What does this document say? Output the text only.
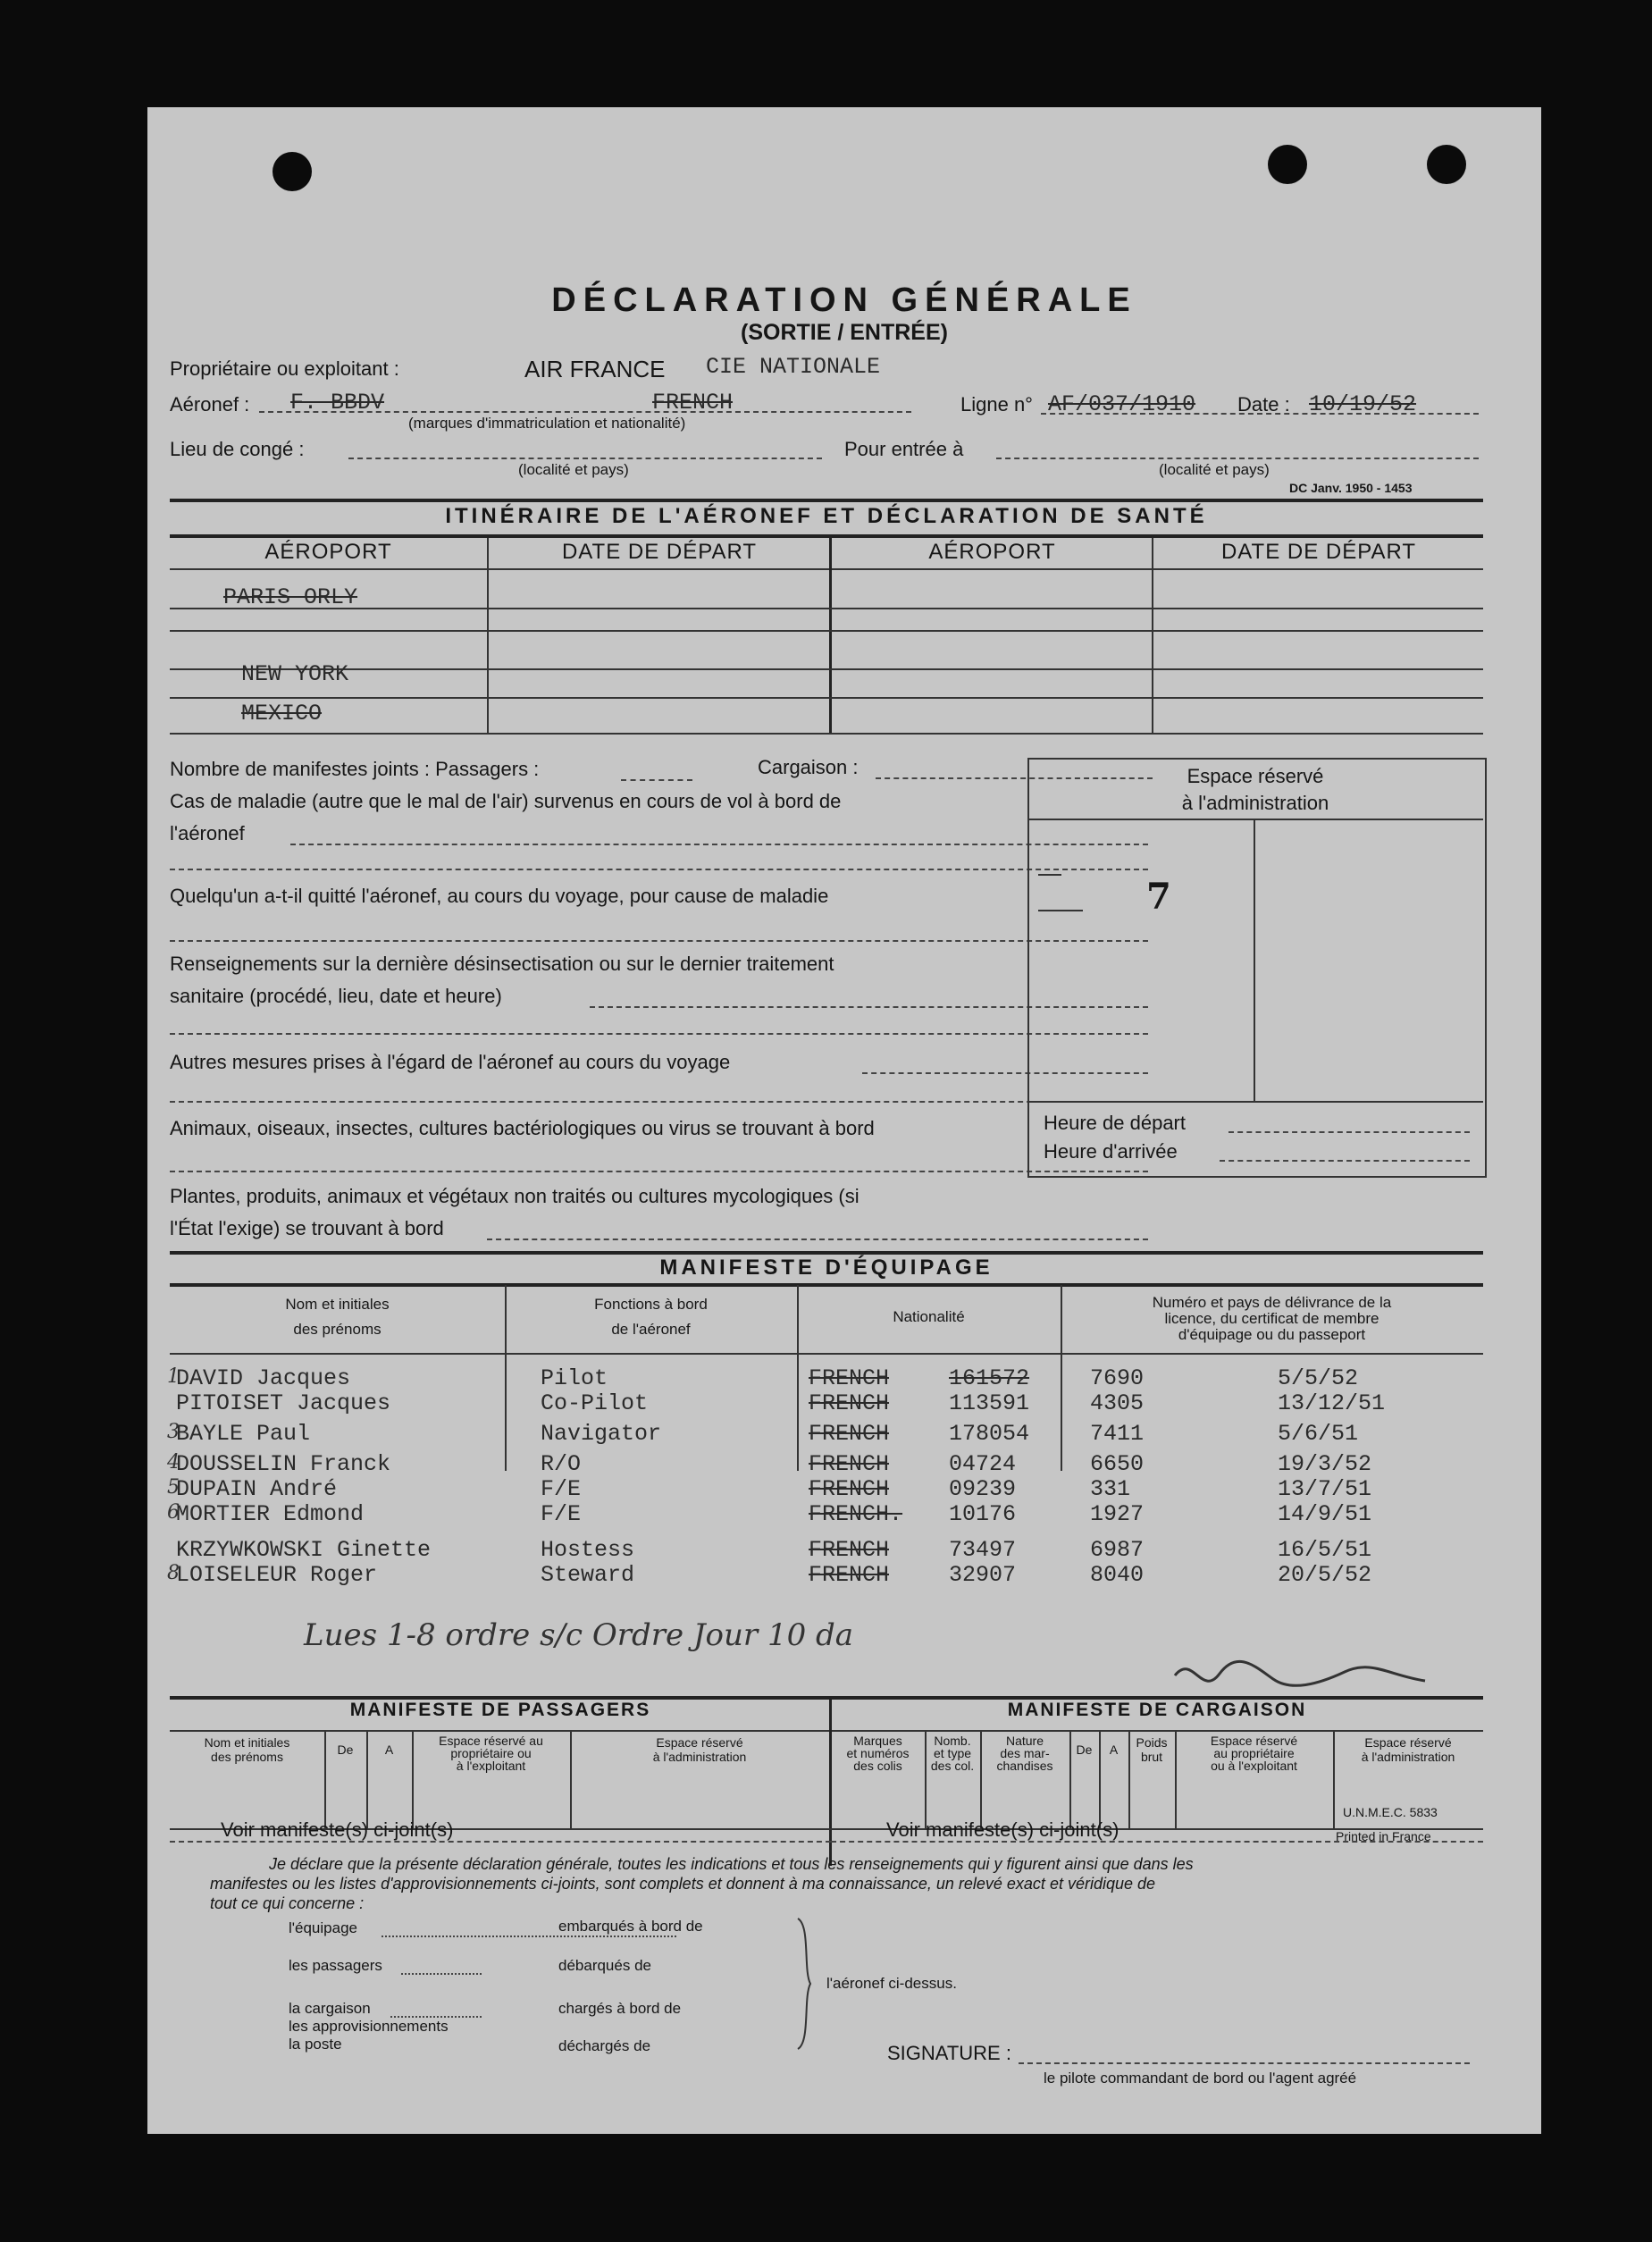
DÉCLARATION GÉNÉRALE
(SORTIE / ENTRÉE)
Propriétaire ou exploitant :	AIR FRANCE CIE NATIONALE
Aéronef : F. BBDV	FRENCH
(marques d'immatriculation et nationalité)
Ligne n° AF/037/1910 Date : 10/19/52
Lieu de congé :
(localité et pays)
Pour entrée à
(localité et pays)
DC Janv. 1950 - 1453
ITINÉRAIRE DE L'AÉRONEF ET DÉCLARATION DE SANTÉ
AÉROPORT	DATE DE DÉPART	AÉROPORT	DATE DE DÉPART
PARIS ORLY
NEW YORK
MEXICO
Nombre de manifestes joints : Passagers :	Cargaison :
Cas de maladie (autre que le mal de l'air) survenus en cours de vol à bord de
l'aéronef
Quelqu'un a-t-il quitté l'aéronef, au cours du voyage, pour cause de maladie
Renseignements sur la dernière désinsectisation ou sur le dernier traitement
sanitaire (procédé, lieu, date et heure)
Autres mesures prises à l'égard de l'aéronef au cours du voyage
Animaux, oiseaux, insectes, cultures bactériologiques ou virus se trouvant à bord
Plantes, produits, animaux et végétaux non traités ou cultures mycologiques (si
l'État l'exige) se trouvant à bord
Espace réservé
à l'administration
7
Heure de départ
Heure d'arrivée
MANIFESTE D'ÉQUIPAGE
Nom et initiales
des prénoms
Fonctions à bord
de l'aéronef
Nationalité
Numéro et pays de délivrance de la
licence, du certificat de membre
d'équipage ou du passeport
1
DAVID Jacques	Pilot	FRENCH	161572	7690	5/5/52
PITOISET Jacques	Co-Pilot	FRENCH	113591	4305	13/12/51
3
BAYLE Paul	Navigator	FRENCH	178054	7411	5/6/51
4
DOUSSELIN Franck	R/O	FRENCH	04724	6650	19/3/52
5
DUPAIN André	F/E	FRENCH	09239	331	13/7/51
6
MORTIER Edmond	F/E	FRENCH. 10176	1927	14/9/51
KRZYWKOWSKI Ginette	Hostess	FRENCH	73497	6987	16/5/51
8
LOISELEUR Roger	Steward	FRENCH	32907	8040	20/5/52
Lues 1-8 ordre s/c Ordre Jour 10 da
MANIFESTE DE PASSAGERS	MANIFESTE DE CARGAISON
Nom et initiales
des prénoms	De	A
Espace réservé au
propriétaire ou
à l'exploitant
Espace réservé
à l'administration
Voir manifeste(s) ci-joint(s)
Marques
et numéros
des colis
Nomb.
et type
des col.
Nature
des mar-
chandises
De	A	Poids
brut
Espace réservé
au propriétaire
ou à l'exploitant
Espace réservé
à l'administration
Voir manifeste(s) ci-joint(s)
U.N.M.E.C. 5833
Printed in France
Je déclare que la présente déclaration générale, toutes les indications et tous les renseignements qui y figurent ainsi que dans les
manifestes ou les listes d'approvisionnements ci-joints, sont complets et donnent à ma connaissance, un relevé exact et véridique de
tout ce qui concerne :
l'équipage
les passagers
la cargaison
les approvisionnements
la poste
embarqués à bord de
débarqués de
chargés à bord de
déchargés de
l'aéronef ci-dessus.
SIGNATURE :
le pilote commandant de bord ou l'agent agréé
